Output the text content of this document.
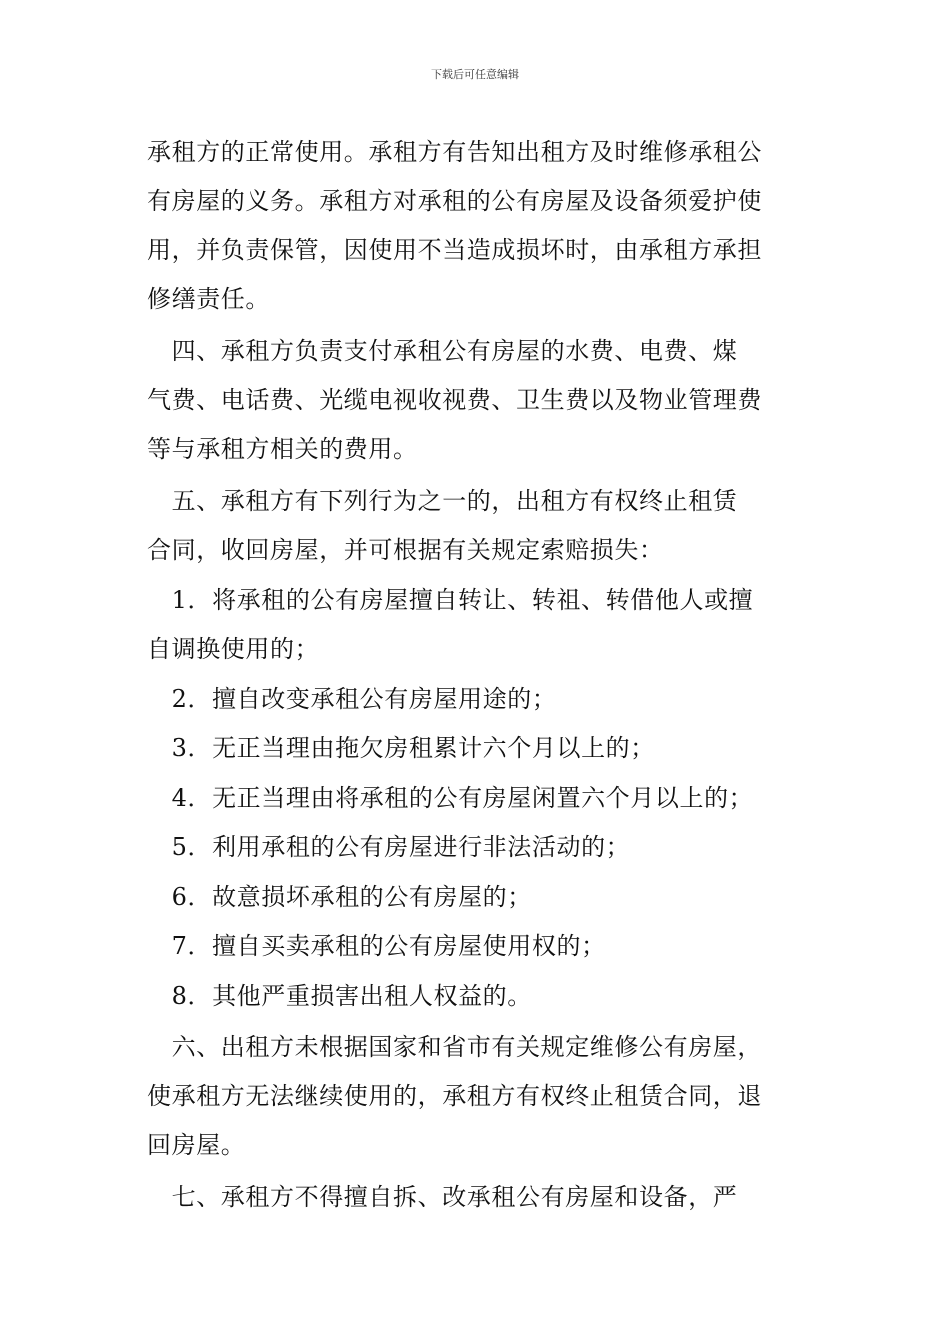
下载后可任意编辑
承租方的正常使用。承租方有告知出租方及时维修承租公
有房屋的义务。承租方对承租的公有房屋及设备须爱护使
用，并负责保管，因使用不当造成损坏时，由承租方承担
修缮责任。
　四、承租方负责支付承租公有房屋的水费、电费、煤
气费、电话费、光缆电视收视费、卫生费以及物业管理费
等与承租方相关的费用。
　五、承租方有下列行为之一的，出租方有权终止租赁
合同，收回房屋，并可根据有关规定索赔损失：
　1．将承租的公有房屋擅自转让、转祖、转借他人或擅
自调换使用的；
　2．擅自改变承租公有房屋用途的；
　3．无正当理由拖欠房租累计六个月以上的；
　4．无正当理由将承租的公有房屋闲置六个月以上的；
　5．利用承租的公有房屋进行非法活动的；
　6．故意损坏承租的公有房屋的；
　7．擅自买卖承租的公有房屋使用权的；
　8．其他严重损害出租人权益的。
　六、出租方未根据国家和省市有关规定维修公有房屋，
使承租方无法继续使用的，承租方有权终止租赁合同，退
回房屋。
　七、承租方不得擅自拆、改承租公有房屋和设备，严
